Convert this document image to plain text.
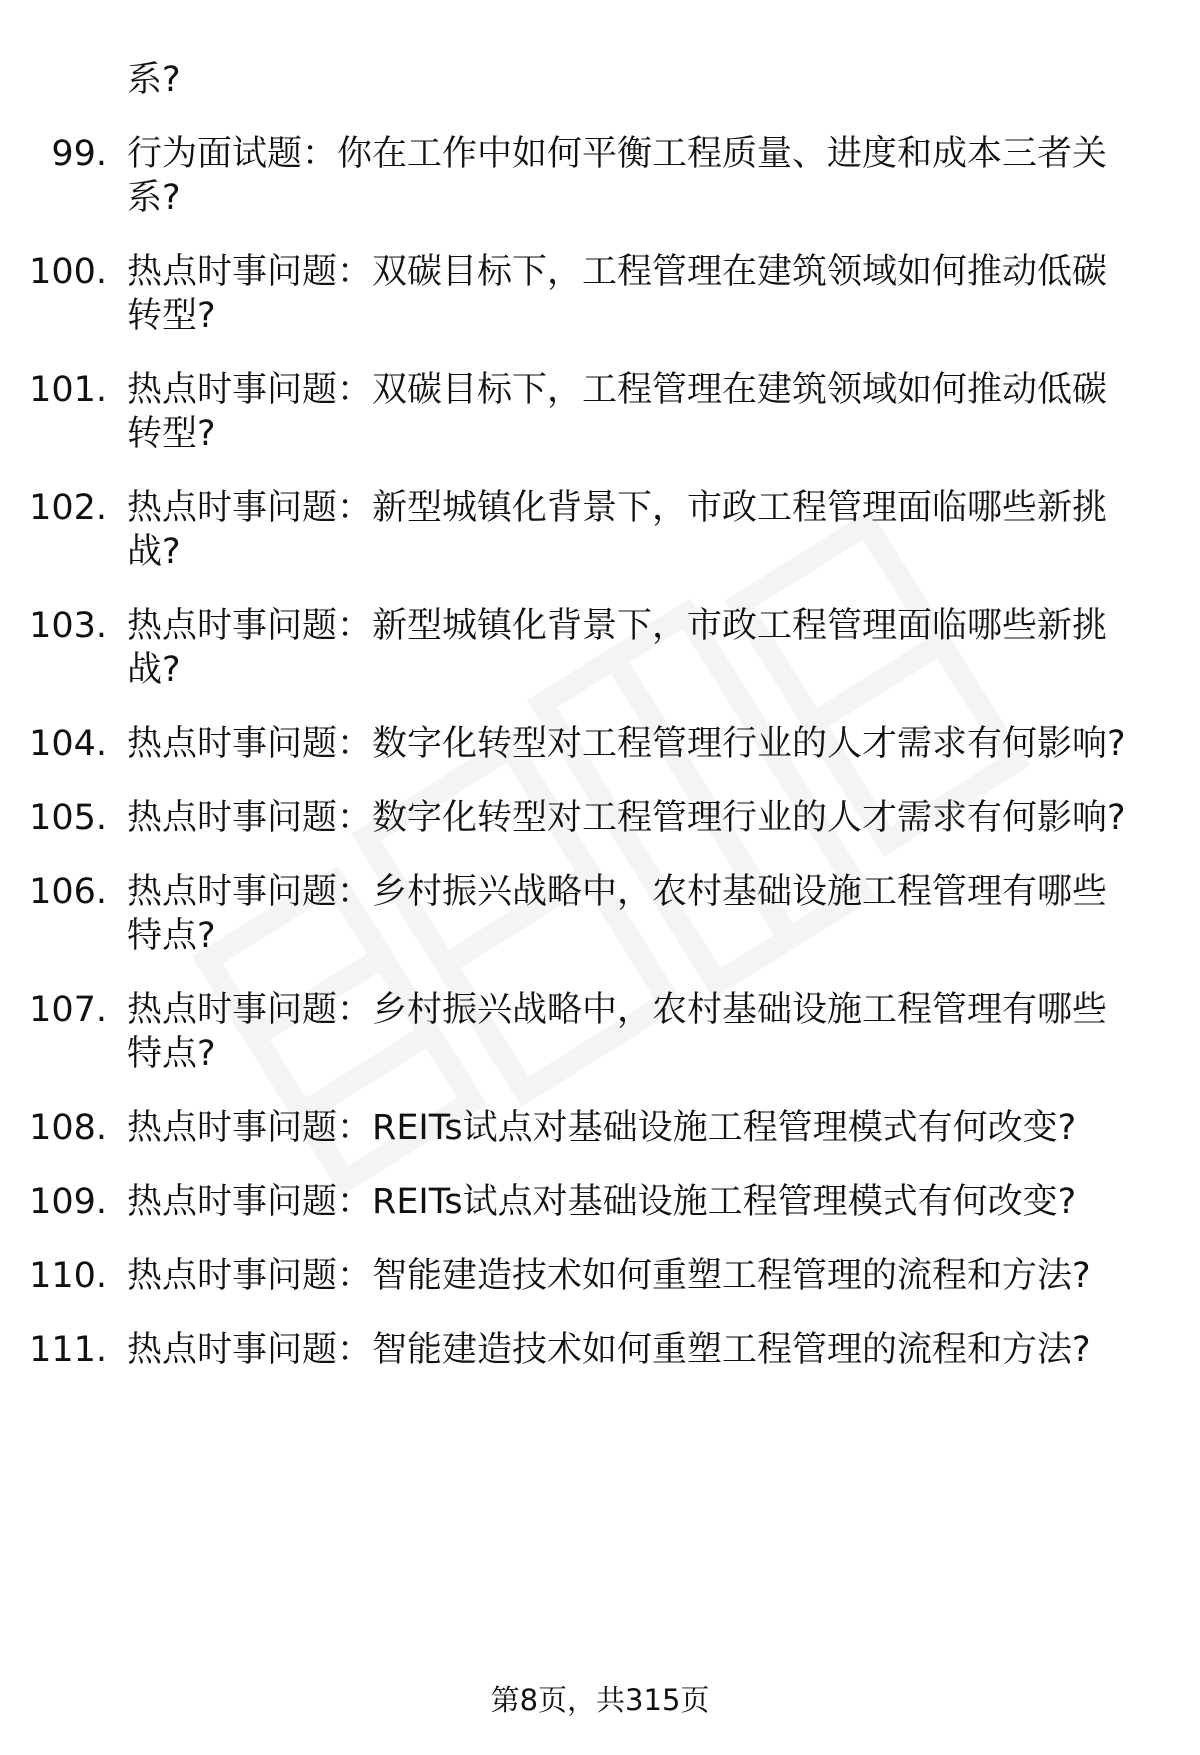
系?
99. 行为面试题：你在工作中如何平衡工程质量、进度和成本三者关系?
100. 热点时事问题：双碳目标下，工程管理在建筑领域如何推动低碳转型?
101. 热点时事问题：双碳目标下，工程管理在建筑领域如何推动低碳转型?
102. 热点时事问题：新型城镇化背景下，市政工程管理面临哪些新挑战?
103. 热点时事问题：新型城镇化背景下，市政工程管理面临哪些新挑战?
104. 热点时事问题：数字化转型对工程管理行业的人才需求有何影响?
105. 热点时事问题：数字化转型对工程管理行业的人才需求有何影响?
106. 热点时事问题：乡村振兴战略中，农村基础设施工程管理有哪些特点?
107. 热点时事问题：乡村振兴战略中，农村基础设施工程管理有哪些特点?
108. 热点时事问题：REITs试点对基础设施工程管理模式有何改变?
109. 热点时事问题：REITs试点对基础设施工程管理模式有何改变?
110. 热点时事问题：智能建造技术如何重塑工程管理的流程和方法?
111. 热点时事问题：智能建造技术如何重塑工程管理的流程和方法?
第8页，共315页
